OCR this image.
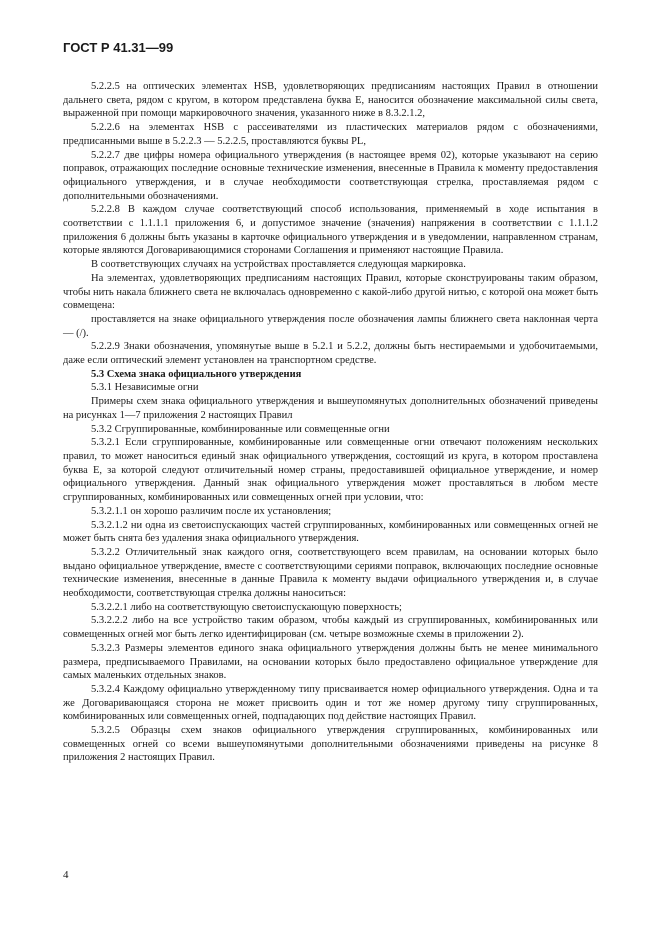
ГОСТ Р 41.31—99

5.2.2.5 на оптических элементах HSB, удовлетворяющих предписаниям настоящих Правил в отношении дальнего света, рядом с кругом, в котором представлена буква E, наносится обозначение максимальной силы света, выраженной при помощи маркировочного значения, указанного ниже в 8.3.2.1.2,

5.2.2.6 на элементах HSB с рассеивателями из пластических материалов рядом с обозначениями, предписанными выше в 5.2.2.3 — 5.2.2.5, проставляются буквы PL,

5.2.2.7 две цифры номера официального утверждения (в настоящее время 02), которые указывают на серию поправок, отражающих последние основные технические изменения, внесенные в Правила к моменту предоставления официального утверждения, и в случае необходимости соответствующая стрелка, проставляемая рядом с дополнительными обозначениями.

5.2.2.8 В каждом случае соответствующий способ использования, применяемый в ходе испытания в соответствии с 1.1.1.1 приложения 6, и допустимое значение (значения) напряжения в соответствии с 1.1.1.2 приложения 6 должны быть указаны в карточке официального утверждения и в уведомлении, направленном странам, которые являются Договаривающимися сторонами Соглашения и применяют настоящие Правила.

В соответствующих случаях на устройствах проставляется следующая маркировка.

На элементах, удовлетворяющих предписаниям настоящих Правил, которые сконструированы таким образом, чтобы нить накала ближнего света не включалась одновременно с какой-либо другой нитью, с которой она может быть совмещена:

проставляется на знаке официального утверждения после обозначения лампы ближнего света наклонная черта — (/).

5.2.2.9 Знаки обозначения, упомянутые выше в 5.2.1 и 5.2.2, должны быть нестираемыми и удобочитаемыми, даже если оптический элемент установлен на транспортном средстве.

5.3 Схема знака официального утверждения

5.3.1 Независимые огни

Примеры схем знака официального утверждения и вышеупомянутых дополнительных обозначений приведены на рисунках 1—7 приложения 2 настоящих Правил

5.3.2 Сгруппированные, комбинированные или совмещенные огни

5.3.2.1 Если сгруппированные, комбинированные или совмещенные огни отвечают положениям нескольких правил, то может наноситься единый знак официального утверждения, состоящий из круга, в котором проставлена буква E, за которой следуют отличительный номер страны, предоставившей официальное утверждение, и номер официального утверждения. Данный знак официального утверждения может проставляться в любом месте сгруппированных, комбинированных или совмещенных огней при условии, что:

5.3.2.1.1 он хорошо различим после их установления;

5.3.2.1.2 ни одна из светоиспускающих частей сгруппированных, комбинированных или совмещенных огней не может быть снята без удаления знака официального утверждения.

5.3.2.2 Отличительный знак каждого огня, соответствующего всем правилам, на основании которых было выдано официальное утверждение, вместе с соответствующими сериями поправок, включающих последние основные технические изменения, внесенные в данные Правила к моменту выдачи официального утверждения и, в случае необходимости, соответствующая стрелка должны наноситься:

5.3.2.2.1 либо на соответствующую светоиспускающую поверхность;

5.3.2.2.2 либо на все устройство таким образом, чтобы каждый из сгруппированных, комбинированных или совмещенных огней мог быть легко идентифицирован (см. четыре возможные схемы в приложении 2).

5.3.2.3 Размеры элементов единого знака официального утверждения должны быть не менее минимального размера, предписываемого Правилами, на основании которых было предоставлено официальное утверждение для самых маленьких отдельных знаков.

5.3.2.4 Каждому официально утвержденному типу присваивается номер официального утверждения. Одна и та же Договаривающаяся сторона не может присвоить один и тот же номер другому типу сгруппированных, комбинированных или совмещенных огней, подпадающих под действие настоящих Правил.

5.3.2.5 Образцы схем знаков официального утверждения сгруппированных, комбинированных или совмещенных огней со всеми вышеупомянутыми дополнительными обозначениями приведены на рисунке 8 приложения 2 настоящих Правил.

4
